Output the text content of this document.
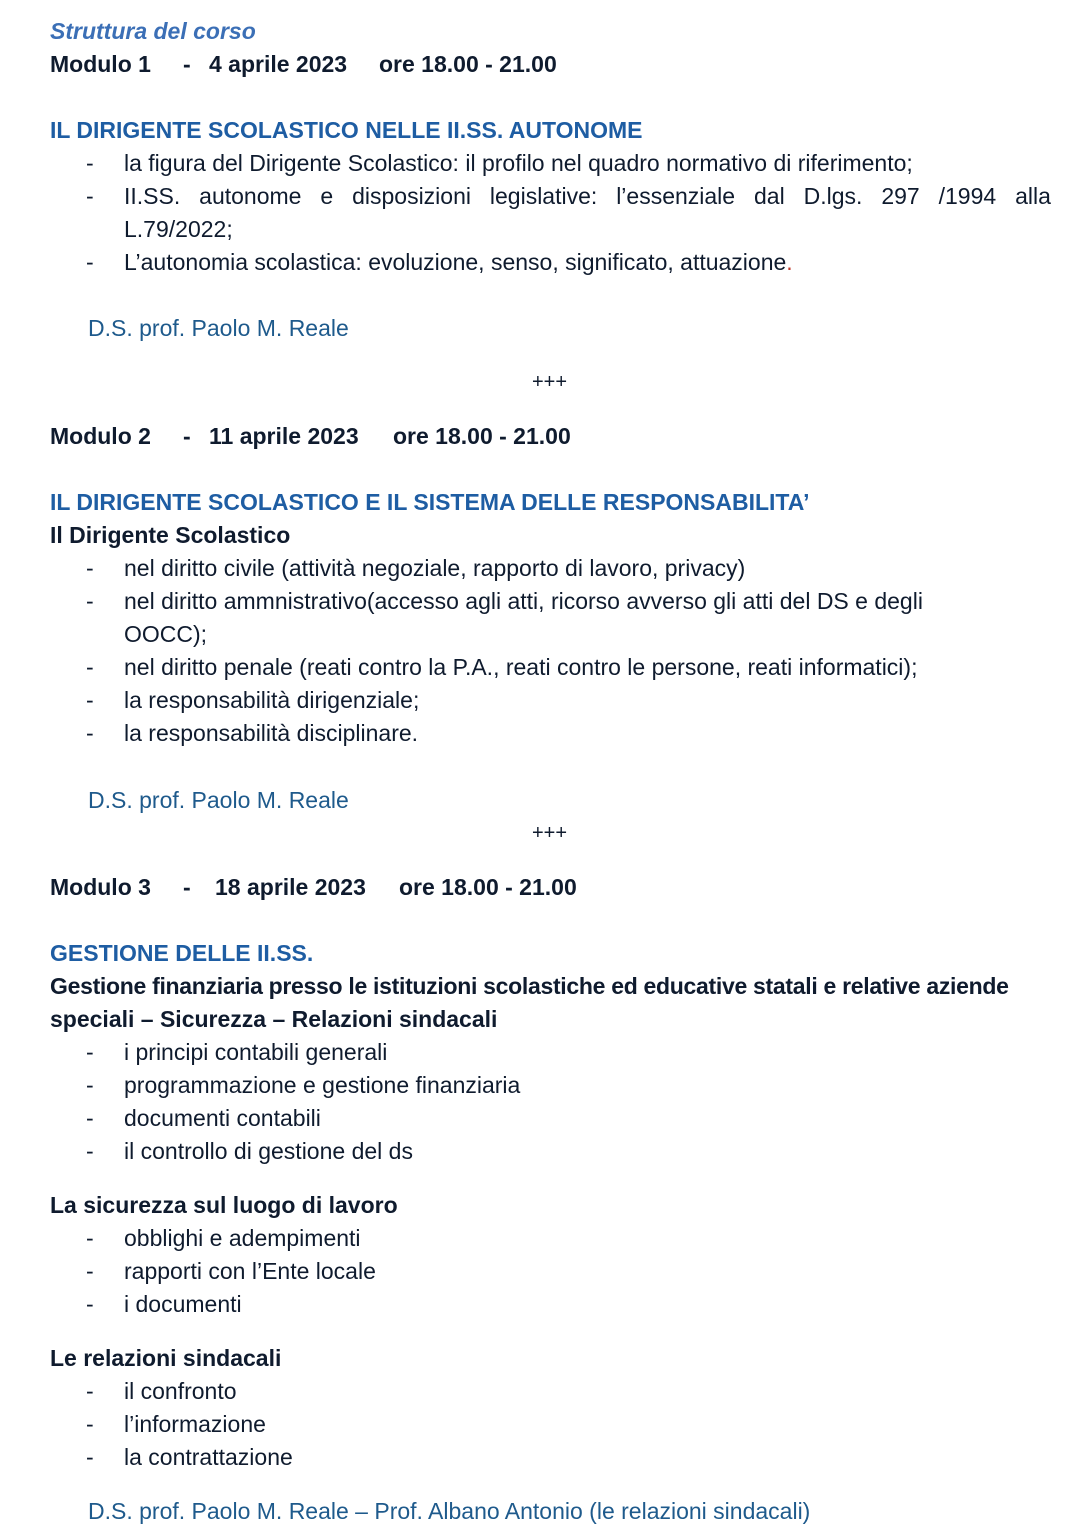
Struttura del corso
Modulo 1 - 4 aprile 2023 ore 18.00 - 21.00
IL DIRIGENTE SCOLASTICO NELLE II.SS. AUTONOME
- la figura del Dirigente Scolastico: il profilo nel quadro normativo di riferimento;
-	II.SS. autonome e disposizioni legislative: l’essenziale dal D.lgs. 297 /1994 alla
L.79/2022;
- L’autonomia scolastica: evoluzione, senso, significato, attuazione.
D.S. prof. Paolo M. Reale
+++
Modulo 2 - 11 aprile 2023 ore 18.00 - 21.00
IL DIRIGENTE SCOLASTICO E IL SISTEMA DELLE RESPONSABILITA’
Il Dirigente Scolastico
- nel diritto civile (attività negoziale, rapporto di lavoro, privacy)
- nel diritto ammnistrativo(accesso agli atti, ricorso avverso gli atti del DS e degli
OOCC);
- nel diritto penale (reati contro la P.A., reati contro le persone, reati informatici);
- la responsabilità dirigenziale;
- la responsabilità disciplinare.
D.S. prof. Paolo M. Reale
+++
Modulo 3 - 18 aprile 2023 ore 18.00 - 21.00
GESTIONE DELLE II.SS.
Gestione finanziaria presso le istituzioni scolastiche ed educative statali e relative aziende
speciali – Sicurezza – Relazioni sindacali
- i principi contabili generali
- programmazione e gestione finanziaria
- documenti contabili
- il controllo di gestione del ds
La sicurezza sul luogo di lavoro
- obblighi e adempimenti
- rapporti con l’Ente locale
- i documenti
Le relazioni sindacali
- il confronto
- l’informazione
- la contrattazione
D.S. prof. Paolo M. Reale – Prof. Albano Antonio (le relazioni sindacali)
